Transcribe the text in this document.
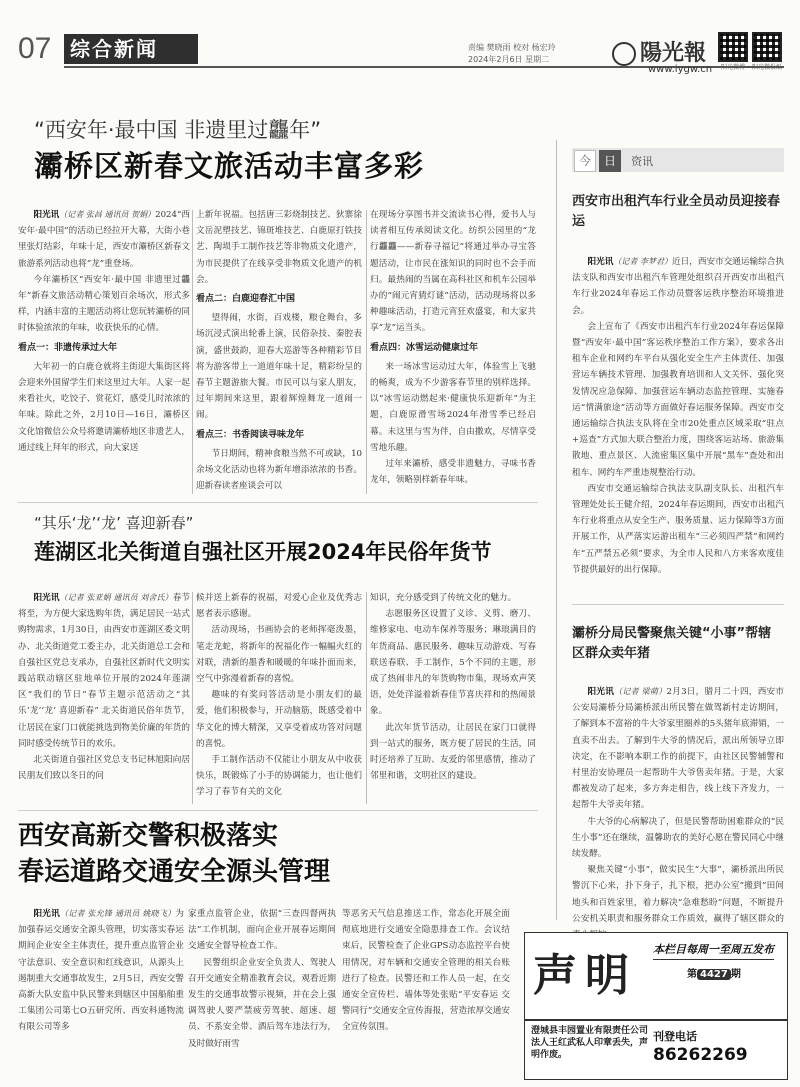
07 综合新闻	责编 樊晓雨 校对 杨宏玲
2024年2月6日 星期二	陽光報
www.iygw.cn	阳光微博	阳光微报纸
“西安年·最中国 非遗里过龘年”
灞桥区新春文旅活动丰富多彩

阳光讯（记者 张昌 通讯员 贺娟）2024“西安年·最中国”的活动已经拉开大幕，大街小巷里张灯结彩，年味十足，西安市灞桥区新春文旅游系列活动也将“龙”重登场。

今年灞桥区“西安年·最中国 非遗里过龘年”新春文旅活动精心策划百余场次，形式多样，内涵丰富的主题活动将让您玩转灞桥的同时体验浓浓的年味，收获快乐的心情。

看点一：非遗传承过大年

大年初一的白鹿仓就将主街迎大集街区将会迎来外国留学生们来这里过大年。人家一起来看社火，吃饺子、赏花灯，感受儿时浓浓的年味。除此之外，2月10日—16日，灞桥区文化馆微信公众号将邀请灞桥地区非遗艺人，通过线上拜年的形式，向大家送

上新年祝福。包括唐三彩烧制技艺、狄寨徐文岳泥塑技艺、锦斑堆技艺、白鹿原打铁技艺、陶埙手工制作技艺等非物质文化遗产，为市民提供了在线享受非物质文化遗产的机会。

看点二：白鹿迎春汇中国

望得闹，水街，百戏楼，粮仓舞台，多场沉浸式演出轮番上演，民俗杂技、秦腔表演，盛世鼓韵，迎春大巡游等各种精彩节目将为游客带上一道道年味十足，精彩纷呈的春节主题游旅大餐。市民可以与家人朋友，过年期间来这里，跟着辉煌舞龙一道闹一闹。

看点三：书香阅读寻味龙年

节日期间，精神食粮当然不可或缺，10余场文化活动也将为新年增添浓浓的书香。迎新春读者座谈会可以

在现场分享图书并交流读书心得，爱书人与读者相互传承阅读文化。纺织公园里的“龙行龘龘——新春寻福记”将通过举办寻宝答题活动，让市民在涨知识的同时也不会手而归。最热闹的当属在高科社区和机车公园举办的“闹元宵猜灯谜”活动，活动现场将以多种趣味活动，打造元宵狂欢盛宴，和大家共享“龙”运当头。

看点四：冰雪运动健康过年

来一场冰雪运动过大年，体验雪上飞驰的畅爽，成为不少游客春节里的别样选择。以“冰雪运动燃起来·健康快乐迎新年”为主题，白鹿原滑雪场2024年滑雪季已经启幕。未这里与雪为伴，自由撒欢，尽情享受雪地乐趣。

过年来灞桥，感受非遗魅力，寻味书香龙年，领略别样新春年味。

“其乐‘龙’‘龙’ 喜迎新春”
莲湖区北关街道自强社区开展2024年民俗年货节

阳光讯（记者 张亚娟 通讯员 刘舍氏）春节将至，为方便大家选购年货，满足居民一站式购物需求，1月30日，由西安市莲湖区委文明办、北关街道党工委主办，北关街道总工会和自强社区党总支承办，自强社区新时代文明实践站联动辖区驻地单位开展的2024年莲湖区“我们的节日”春节主题示范活动之“其乐‘龙’‘龙’ 喜迎新春” 北关街道民俗年货节，让居民在家门口就能挑选到物美价廉的年货的同时感受传统节日的欢乐。

北关街道自强社区党总支书记林旭阳向居民朋友们致以冬日的问

候并送上新春的祝福，对爱心企业及优秀志愿者表示感谢。

活动现场，书画协会的老师挥毫泼墨，笔走龙蛇，将新年的祝福化作一幅幅火红的对联，清新的墨香和暖暖的年味扑面而来，空气中弥漫着新春的喜悦。

趣味的有奖问答活动是小朋友们的最爱，他们积极参与，开动脑筋，既感受着中华文化的博大精深，又享受着成功答对问题的喜悦。

手工制作活动不仅能让小朋友从中收获快乐，既锻炼了小手的协调能力，也让他们学习了春节有关的文化

知识，充分感受到了传统文化的魅力。

志愿服务区设置了义诊、义剪、磨刀、维修家电、电动车保养等服务；琳琅满目的年货商品、惠民服务、趣味互动游戏、写春联送春联、手工制作，5个不同的主题，形成了热闹非凡的年货购物市集，现场欢声笑语，处处洋溢着新春佳节喜庆祥和的热闹景象。

此次年货节活动，让居民在家门口就得到一站式的服务，既方便了居民的生活，同时还培养了互助、友爱的邻里感情，推动了邻里和谐，文明社区的建设。

西安高新交警积极落实
春运道路交通安全源头管理

阳光讯（记者 张允锋 通讯员 姚晓飞）为加强春运交通安全源头管理，切实落实春运期间企业安全主体责任，提升重点监管企业守法意识、安全意识和红线意识，从源头上遏制重大交通事故发生，2月5日，西安交警高新大队安监中队民警来到辖区中国船舶重工集团公司第七O五研究所、西安科通物流有限公司等多

家重点监管企业，依据“三查四督两执法”工作机制，面向企业开展春运期间交通安全督导检查工作。

民警组织企业安全负责人、驾驶人召开交通安全精准教育会议，观看近期发生的交通事故警示视频，并在会上强调驾驶人要严禁疲劳驾驶、超速、超员、不系安全带、酒后驾车违法行为，及时做好雨雪

等恶劣天气信息推送工作，常态化开展全面彻底地进行交通安全隐患排查工作。会议结束后，民警检查了企业GPS动态监控平台使用情况，对车辆和交通安全管理的相关台账进行了检查。民警还和工作人员一起，在交通安全宣传栏、墙体等处张贴“平安春运 交警同行”交通安全宣传海报，营造浓厚交通安全宣传氛围。

今 日 资讯
西安市出租汽车行业全员动员迎接春运

阳光讯（记者 李梦君）近日，西安市交通运输综合执法支队和西安市出租汽车管理处组织召开西安市出租汽车行业2024年春运工作动员暨客运秩序整治环境推进会。

会上宣布了《西安市出租汽车行业2024年春运保障暨“西安年·最中国”客运秩序整治工作方案》，要求各出租车企业和网约车平台从强化安全生产主体责任、加强营运车辆技术管理、加强教育培训和人文关怀、强化突发情况应急保障、加强营运车辆动态监控管理、实施春运“情满旅途”活动等方面做好春运服务保障。西安市交通运输综合执法支队将在全市20处重点区域采取“驻点+巡查”方式加大联合整治力度，围绕客运站场、旅游集散地、重点景区、人流密集区集中开展“黑车”查处和出租车、网约车严重违规整治行动。

西安市交通运输综合执法支队副支队长、出租汽车管理处处长王健介绍，2024年春运期间，西安市出租汽车行业将重点从安全生产、服务质量、运力保障等3方面开展工作，从严落实运游出租车“三必须四严禁”和网约车“五严禁五必须”要求，为全市人民和八方来客欢度佳节提供最好的出行保障。

灞桥分局民警聚焦关键“小事”帮辖区群众卖年猪

阳光讯（记者 梁萌）2月3日，腊月二十四，西安市公安局灞桥分局灞桥派出所民警在做驾新村走访期间，了解到本不富裕的牛大爷家里圈养的5头猪年底滞销，一直卖不出去。了解到牛大爷的情况后，派出所领导立即决定，在不影响本职工作的前提下，由社区民警辅警和村里治安协理员一起帮助牛大爷售卖年猪。于是，大家都被发动了起来，多方奔走相告，线上线下齐发力，一起帮牛大爷卖年猪。

牛大爷的心病解决了，但是民警帮助困难群众的“民生小事”还在继续，温馨助农的美好心愿在警民同心中继续发酵。

聚焦关键“小事”，做实民生“大事”，灞桥派出所民警沉下心来，扑下身子，扎下根，把办公室“搬到”田间地头和百姓家里，着力解决“急难愁盼”问题，不断提升公安机关职责和服务群众工作质效，赢得了辖区群众的

声明
本栏目每周一至周五发布
第 4427 期
澄城县丰园置业有限责任公司法人王红武私人印章丢失，声明作废。
刊登电话 86262269
